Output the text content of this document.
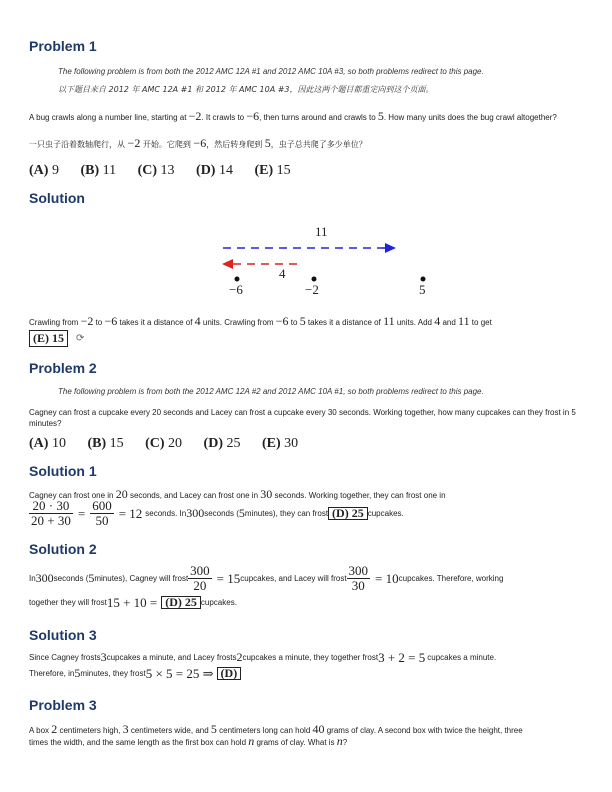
Problem 1
The following problem is from both the 2012 AMC 12A #1 and 2012 AMC 10A #3, so both problems redirect to this page.
以下题目来自 2012 年 AMC 12A #1 和 2012 年 AMC 10A #3，因此这两个题目都重定向到这个页面。
A bug crawls along a number line, starting at −2. It crawls to −6, then turns around and crawls to 5. How many units does the bug crawl altogether?
一只虫子沿着数轴爬行，从 −2 开始。它爬到 −6，然后转身爬到 5，虫子总共爬了多少单位？
(A) 9 (B) 11 (C) 13 (D) 14 (E) 15
Solution
11
4
−6	−2	5
Crawling from −2 to −6 takes it a distance of 4 units. Crawling from −6 to 5 takes it a distance of 11 units. Add 4 and 11 to get
(E) 15	⟳
Problem 2
The following problem is from both the 2012 AMC 12A #2 and 2012 AMC 10A #1, so both problems redirect to this page.
Cagney can frost a cupcake every 20 seconds and Lacey can frost a cupcake every 30 seconds. Working together, how many cupcakes can they frost in 5 minutes?
(A) 10 (B) 15 (C) 20 (D) 25 (E) 30
Solution 1
Cagney can frost one in 20 seconds, and Lacey can frost one in 30 seconds. Working together, they can frost one in
$\frac{20 \cdot 30}{20 + 30} = \frac{600}{50} = 12$ seconds. In 300 seconds ( 5 minutes), they can frost (D) 25 cupcakes.
Solution 2
In 300 seconds ( 5 minutes), Cagney will frost $\frac{300}{20} = 15$ cupcakes, and Lacey will frost $\frac{300}{30} = 10$ cupcakes. Therefore, working
together they will frost 15 + 10 = (D) 25 cupcakes.
Solution 3
Since Cagney frosts 3 cupcakes a minute, and Lacey frosts 2 cupcakes a minute, they together frost 3 + 2 = 5 cupcakes a minute.
Therefore, in 5 minutes, they frost 5 × 5 = 25 ⇒ (D)
Problem 3
A box 2 centimeters high, 3 centimeters wide, and 5 centimeters long can hold 40 grams of clay. A second box with twice the height, three
times the width, and the same length as the first box can hold n grams of clay. What is n?
